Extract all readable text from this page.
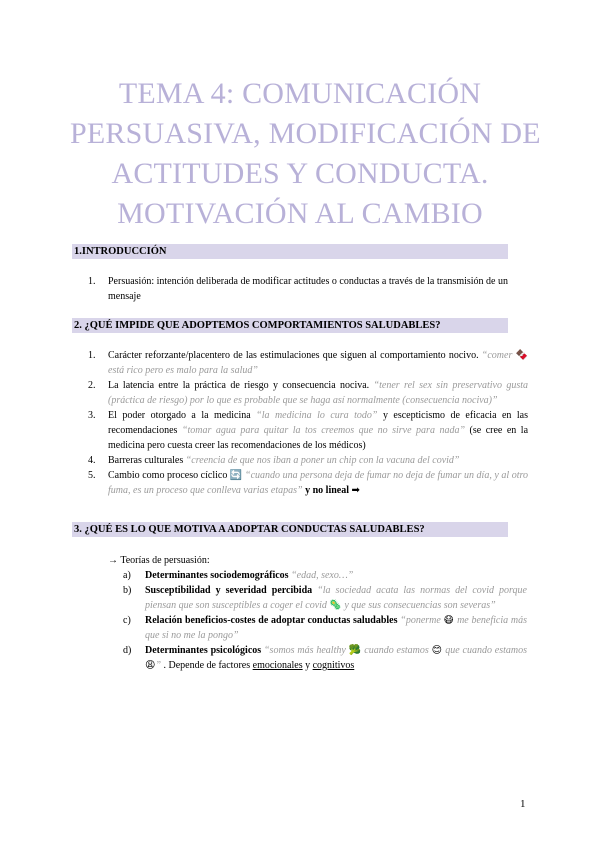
TEMA 4: COMUNICACIÓN
PERSUASIVA, MODIFICACIÓN DE
ACTITUDES Y CONDUCTA.
MOTIVACIÓN AL CAMBIO
1.INTRODUCCIÓN
1. Persuasión: intención deliberada de modificar actitudes o conductas a través de la transmisión de un mensaje
2. ¿QUÉ IMPIDE QUE ADOPTEMOS COMPORTAMIENTOS SALUDABLES?
1. Carácter reforzante/placentero de las estimulaciones que siguen al comportamiento nocivo. “comer 🍫 está rico pero es malo para la salud”
2. La latencia entre la práctica de riesgo y consecuencia nociva. “tener rel sex sin preservativo gusta (práctica de riesgo) por lo que es probable que se haga así normalmente (consecuencia nociva)”
3. El poder otorgado a la medicina “la medicina lo cura todo” y escepticismo de eficacia en las recomendaciones “tomar agua para quitar la tos creemos que no sirve para nada” (se cree en la medicina pero cuesta creer las recomendaciones de los médicos)
4. Barreras culturales “creencia de que nos iban a poner un chip con la vacuna del covid”
5. Cambio como proceso cíclico 🔄 “cuando una persona deja de fumar no deja de fumar un día, y al otro fuma, es un proceso que conlleva varias etapas” y no lineal ➡
3. ¿QUÉ ES LO QUE MOTIVA A ADOPTAR CONDUCTAS SALUDABLES?
→ Teorías de persuasión:
a) Determinantes sociodemográficos “edad, sexo…”
b) Susceptibilidad y severidad percibida “la sociedad acata las normas del covid porque piensan que son susceptibles a coger el covid 🦠 y que sus consecuencias son severas”
c) Relación beneficios-costes de adoptar conductas saludables “ponerme 😷 me beneficia más que si no me la pongo”
d) Determinantes psicológicos “somos más healthy 🥦 cuando estamos 😊 que cuando estamos 😩” . Depende de factores emocionales y cognitivos
1
